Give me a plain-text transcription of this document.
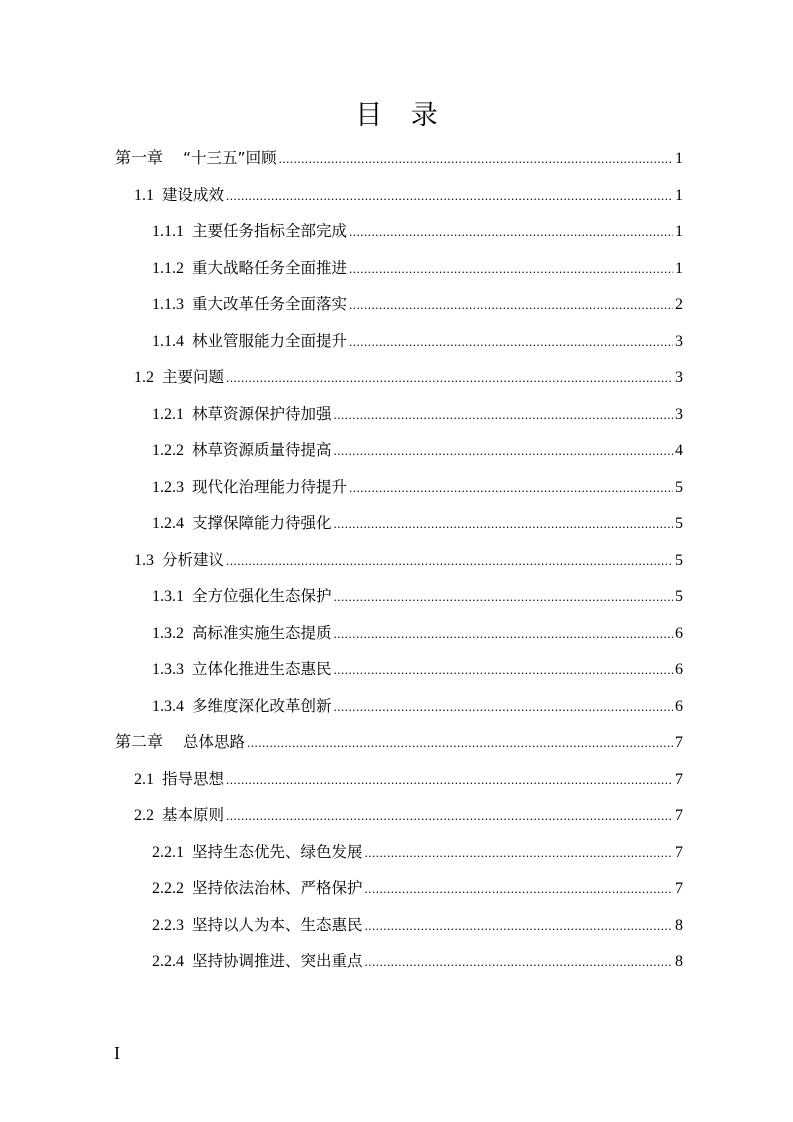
目 录
第一章 “十三五”回顾 .....	1
1.1 建设成效 .....	1
1.1.1 主要任务指标全部完成 .....	1
1.1.2 重大战略任务全面推进 .....	1
1.1.3 重大改革任务全面落实 .....	2
1.1.4 林业管服能力全面提升 .....	3
1.2 主要问题 .....	3
1.2.1 林草资源保护待加强 .....	3
1.2.2 林草资源质量待提高 .....	4
1.2.3 现代化治理能力待提升 .....	5
1.2.4 支撑保障能力待强化 .....	5
1.3 分析建议 .....	5
1.3.1 全方位强化生态保护 .....	5
1.3.2 高标准实施生态提质 .....	6
1.3.3 立体化推进生态惠民 .....	6
1.3.4 多维度深化改革创新 .....	6
第二章 总体思路 .....	7
2.1 指导思想 .....	7
2.2 基本原则 .....	7
2.2.1 坚持生态优先、绿色发展 .....	7
2.2.2 坚持依法治林、严格保护 .....	7
2.2.3 坚持以人为本、生态惠民 .....	8
2.2.4 坚持协调推进、突出重点 .....	8
I
